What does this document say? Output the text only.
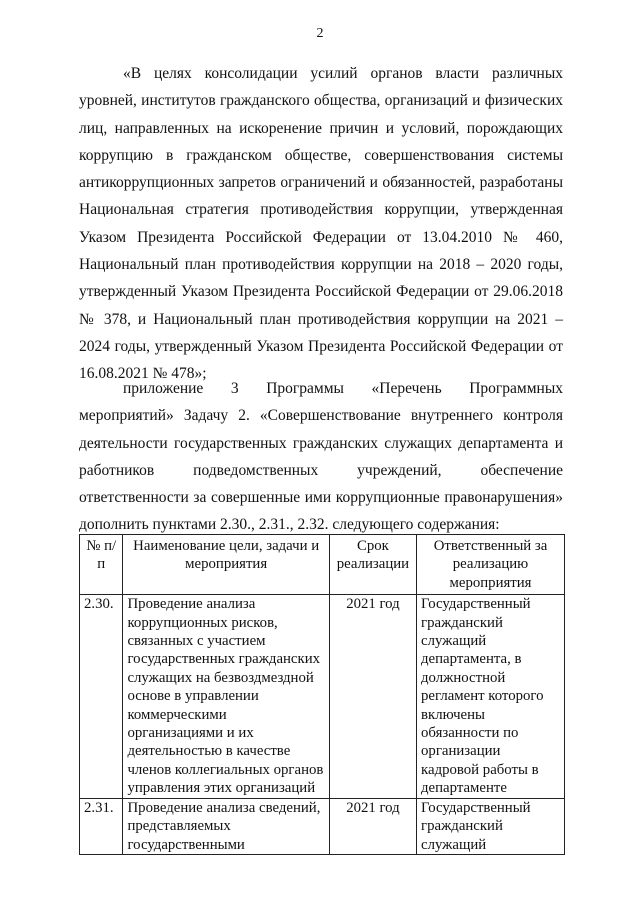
2

«В целях консолидации усилий органов власти различных уровней, институтов гражданского общества, организаций и физических лиц, направленных на искоренение причин и условий, порождающих коррупцию в гражданском обществе, совершенствования системы антикоррупционных запретов ограничений и обязанностей, разработаны Национальная стратегия противодействия коррупции, утвержденная Указом Президента Российской Федерации от 13.04.2010 № 460, Национальный план противодействия коррупции на 2018 – 2020 годы, утвержденный Указом Президента Российской Федерации от 29.06.2018 № 378, и Национальный план противодействия коррупции на 2021 – 2024 годы, утвержденный Указом Президента Российской Федерации от 16.08.2021 № 478»;

приложение 3 Программы «Перечень Программных мероприятий» Задачу 2. «Совершенствование внутреннего контроля деятельности государственных гражданских служащих департамента и работников подведомственных учреждений, обеспечение ответственности за совершенные ими коррупционные правонарушения» дополнить пунктами 2.30., 2.31., 2.32. следующего содержания:

№ п/п	Наименование цели, задачи и мероприятия	Срок реализации	Ответственный за реализацию мероприятия
2.30.	Проведение анализа коррупционных рисков, связанных с участием государственных гражданских служащих на безвоздмездной основе в управлении коммерческими организациями и их деятельностью в качестве членов коллегиальных органов управления этих организаций	2021 год	Государственный гражданский служащий департамента, в должностной регламент которого включены обязанности по организации кадровой работы в департаменте
2.31.	Проведение анализа сведений, представляемых государственными	2021 год	Государственный гражданский служащий
